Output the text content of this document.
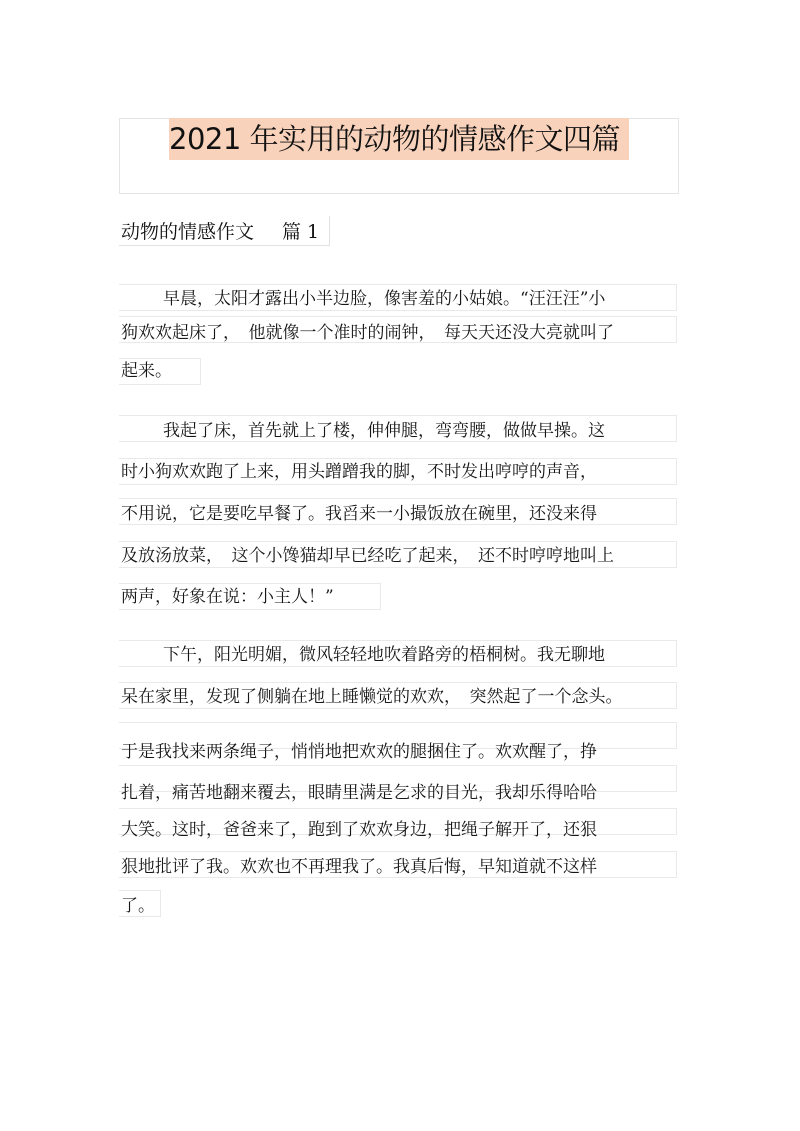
2021 年实用的动物的情感作文四篇
动物的情感作文 篇 1
早晨，太阳才露出小半边脸，像害羞的小姑娘。“汪汪汪”小
狗欢欢起床了，　他就像一个准时的闹钟，　每天天还没大亮就叫了
起来。
我起了床，首先就上了楼，伸伸腿，弯弯腰，做做早操。这
时小狗欢欢跑了上来，用头蹭蹭我的脚，不时发出哼哼的声音，
不用说，它是要吃早餐了。我舀来一小撮饭放在碗里，还没来得
及放汤放菜，　这个小馋猫却早已经吃了起来，　还不时哼哼地叫上
两声，好象在说：小主人！”
下午，阳光明媚，微风轻轻地吹着路旁的梧桐树。我无聊地
呆在家里，发现了侧躺在地上睡懒觉的欢欢，　突然起了一个念头。
于是我找来两条绳子，悄悄地把欢欢的腿捆住了。欢欢醒了，挣
扎着，痛苦地翻来覆去，眼睛里满是乞求的目光，我却乐得哈哈
大笑。这时，爸爸来了，跑到了欢欢身边，把绳子解开了，还狠
狠地批评了我。欢欢也不再理我了。我真后悔，早知道就不这样
了。
